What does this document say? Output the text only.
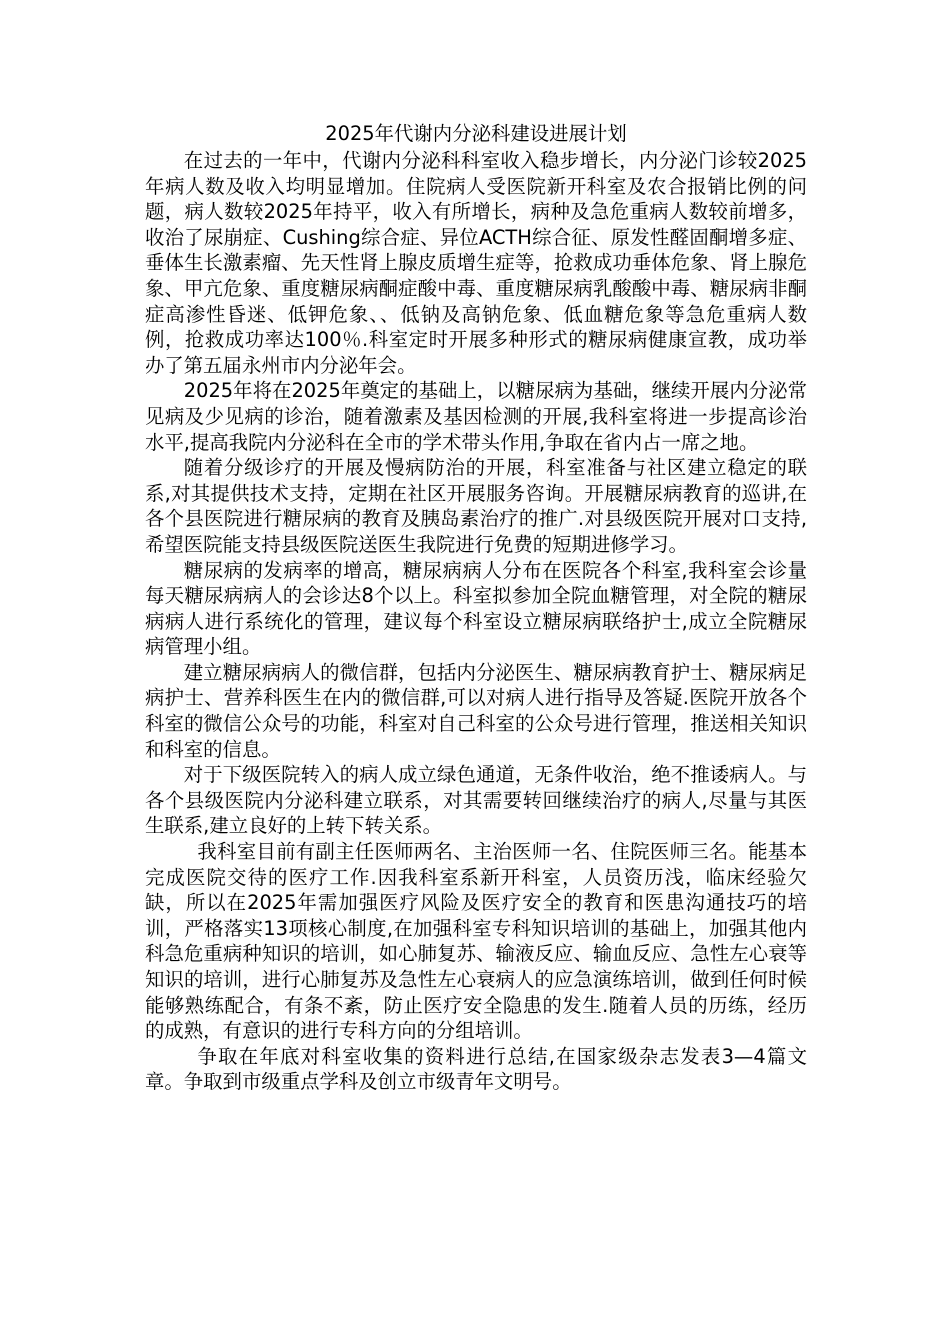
2025年代谢内分泌科建设进展计划

在过去的一年中，代谢内分泌科科室收入稳步增长，内分泌门诊较2025年病人数及收入均明显增加。住院病人受医院新开科室及农合报销比例的问题，病人数较2025年持平，收入有所增长，病种及急危重病人数较前增多，收治了尿崩症、Cushing综合症、异位ACTH综合征、原发性醛固酮增多症、垂体生长激素瘤、先天性肾上腺皮质增生症等，抢救成功垂体危象、肾上腺危象、甲亢危象、重度糖尿病酮症酸中毒、重度糖尿病乳酸酸中毒、糖尿病非酮症高渗性昏迷、低钾危象、、低钠及高钠危象、低血糖危象等急危重病人数例，抢救成功率达100％.科室定时开展多种形式的糖尿病健康宣教，成功举办了第五届永州市内分泌年会。

2025年将在2025年奠定的基础上，以糖尿病为基础，继续开展内分泌常见病及少见病的诊治，随着激素及基因检测的开展,我科室将进一步提高诊治水平,提高我院内分泌科在全市的学术带头作用,争取在省内占一席之地。

随着分级诊疗的开展及慢病防治的开展，科室准备与社区建立稳定的联系,对其提供技术支持，定期在社区开展服务咨询。开展糖尿病教育的巡讲,在各个县医院进行糖尿病的教育及胰岛素治疗的推广.对县级医院开展对口支持,希望医院能支持县级医院送医生我院进行免费的短期进修学习。

糖尿病的发病率的增高，糖尿病病人分布在医院各个科室,我科室会诊量每天糖尿病病人的会诊达8个以上。科室拟参加全院血糖管理，对全院的糖尿病病人进行系统化的管理，建议每个科室设立糖尿病联络护士,成立全院糖尿病管理小组。

建立糖尿病病人的微信群，包括内分泌医生、糖尿病教育护士、糖尿病足病护士、营养科医生在内的微信群,可以对病人进行指导及答疑.医院开放各个科室的微信公众号的功能，科室对自己科室的公众号进行管理，推送相关知识和科室的信息。

对于下级医院转入的病人成立绿色通道，无条件收治，绝不推诿病人。与各个县级医院内分泌科建立联系，对其需要转回继续治疗的病人,尽量与其医生联系,建立良好的上转下转关系。

我科室目前有副主任医师两名、主治医师一名、住院医师三名。能基本完成医院交待的医疗工作.因我科室系新开科室，人员资历浅，临床经验欠缺，所以在2025年需加强医疗风险及医疗安全的教育和医患沟通技巧的培训，严格落实13项核心制度,在加强科室专科知识培训的基础上，加强其他内科急危重病种知识的培训，如心肺复苏、输液反应、输血反应、急性左心衰等知识的培训，进行心肺复苏及急性左心衰病人的应急演练培训，做到任何时候能够熟练配合，有条不紊，防止医疗安全隐患的发生.随着人员的历练，经历的成熟，有意识的进行专科方向的分组培训。

争取在年底对科室收集的资料进行总结,在国家级杂志发表3—4篇文章。争取到市级重点学科及创立市级青年文明号。
